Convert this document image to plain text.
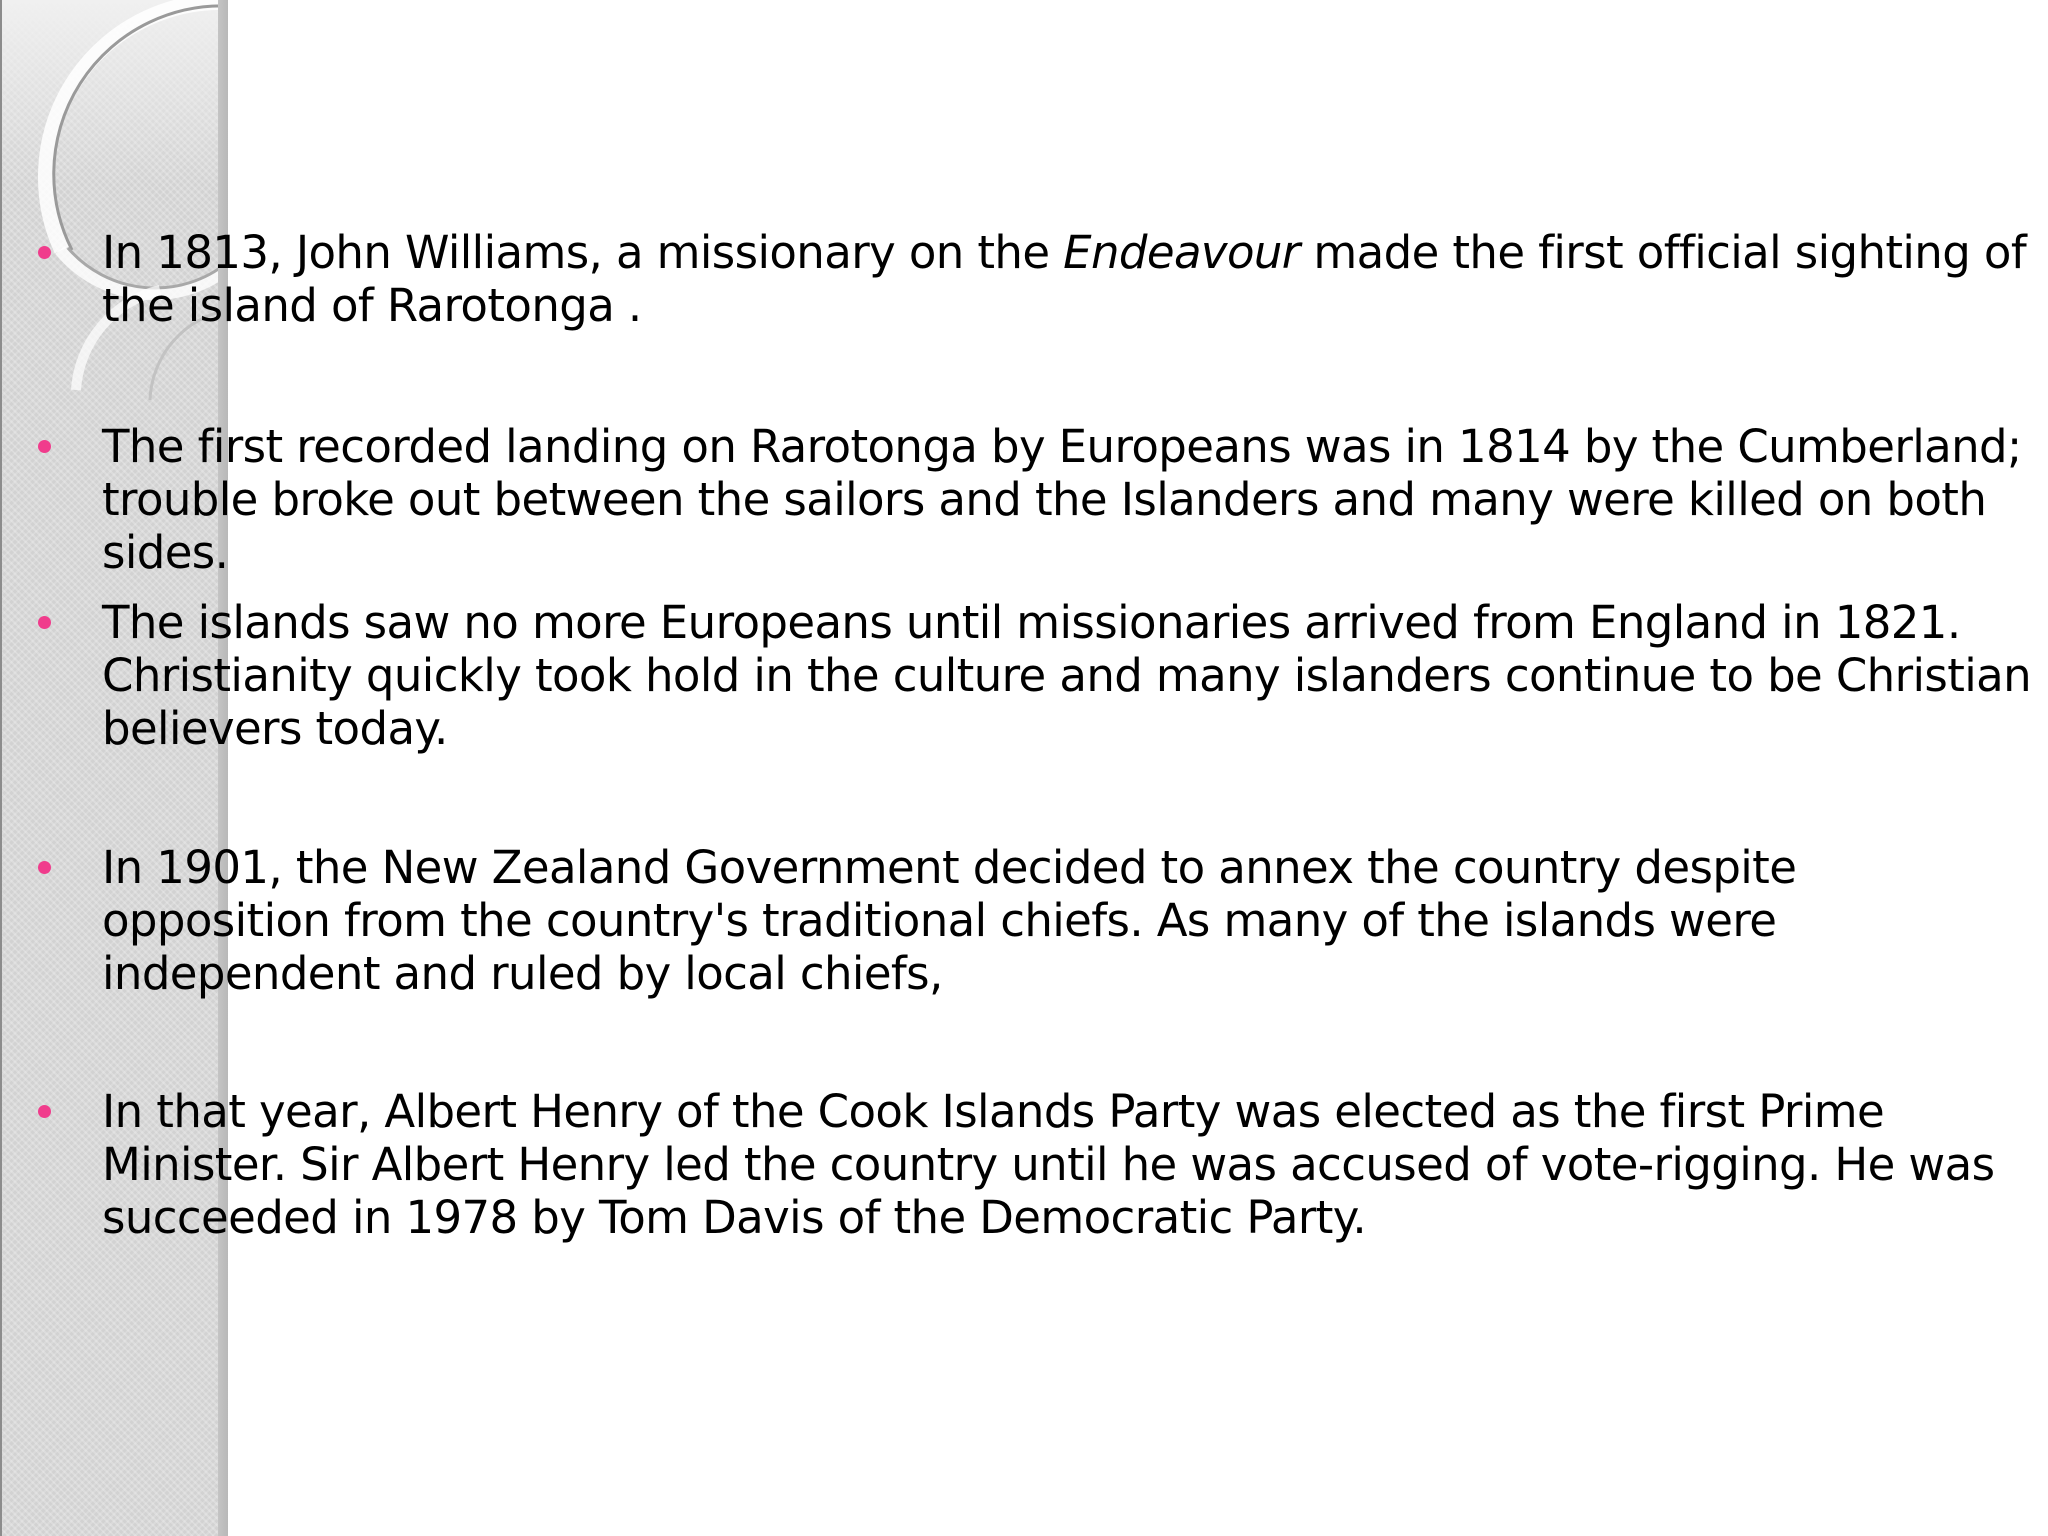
In 1813, John Williams, a missionary on the Endeavour made the first official sighting of the island of Rarotonga .

The first recorded landing on Rarotonga by Europeans was in 1814 by the Cumberland; trouble broke out between the sailors and the Islanders and many were killed on both sides.

The islands saw no more Europeans until missionaries arrived from England in 1821. Christianity quickly took hold in the culture and many islanders continue to be Christian believers today.

In 1901, the New Zealand Government decided to annex the country despite opposition from the country's traditional chiefs. As many of the islands were independent and ruled by local chiefs,

In that year, Albert Henry of the Cook Islands Party was elected as the first Prime Minister. Sir Albert Henry led the country until he was accused of vote-rigging. He was succeeded in 1978 by Tom Davis of the Democratic Party.
